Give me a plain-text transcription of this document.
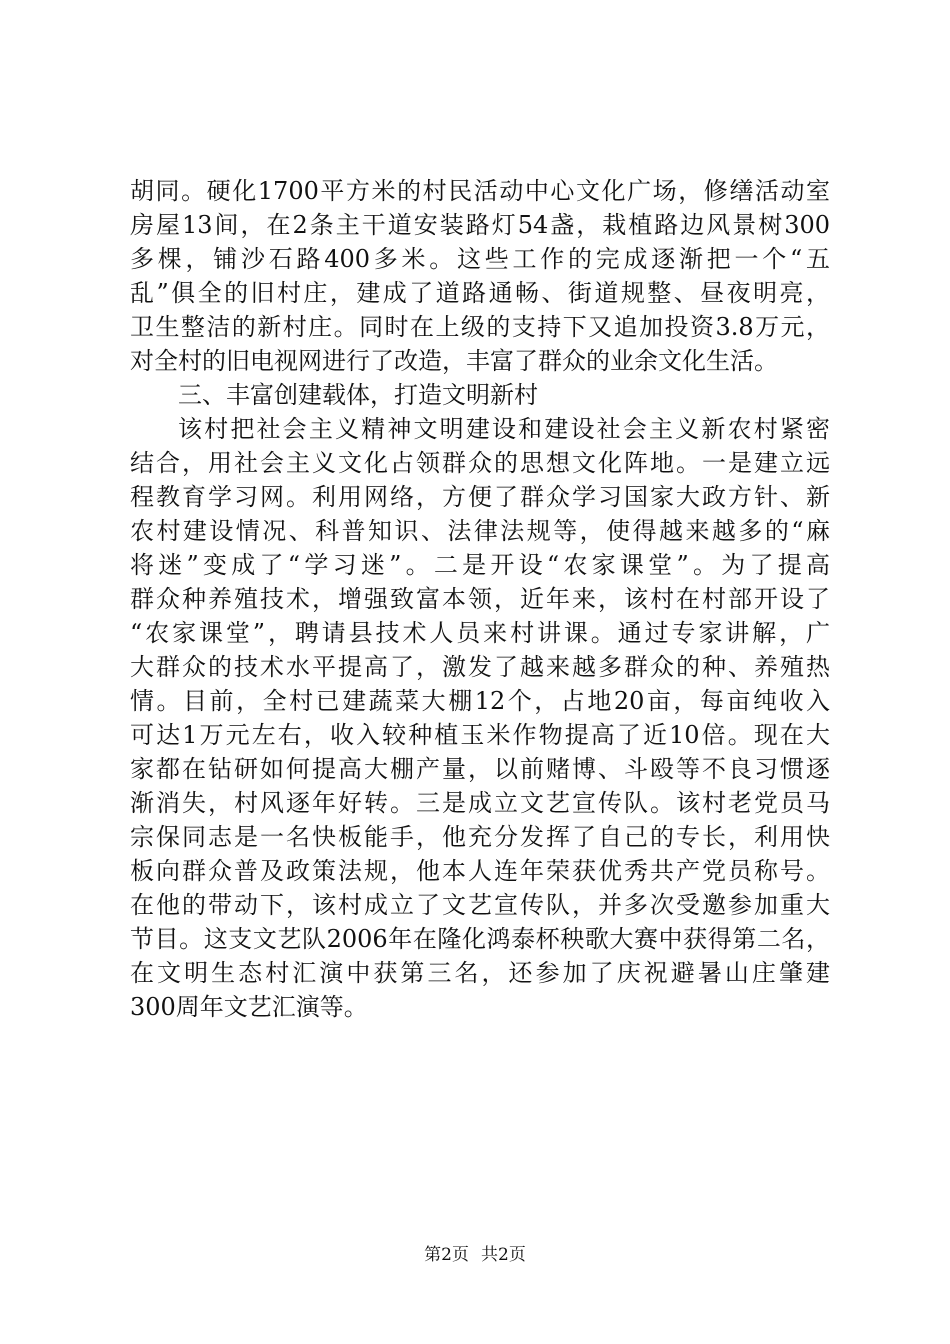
胡同。硬化1700平方米的村民活动中心文化广场，修缮活动室
房屋13间，在2条主干道安装路灯54盏，栽植路边风景树300
多棵，铺沙石路400多米。这些工作的完成逐渐把一个“五
乱”俱全的旧村庄，建成了道路通畅、街道规整、昼夜明亮，
卫生整洁的新村庄。同时在上级的支持下又追加投资3.8万元，
对全村的旧电视网进行了改造，丰富了群众的业余文化生活。
三、丰富创建载体，打造文明新村
该村把社会主义精神文明建设和建设社会主义新农村紧密
结合，用社会主义文化占领群众的思想文化阵地。一是建立远
程教育学习网。利用网络，方便了群众学习国家大政方针、新
农村建设情况、科普知识、法律法规等，使得越来越多的“麻
将迷”变成了“学习迷”。二是开设“农家课堂”。为了提高
群众种养殖技术，增强致富本领，近年来，该村在村部开设了
“农家课堂”，聘请县技术人员来村讲课。通过专家讲解，广
大群众的技术水平提高了，激发了越来越多群众的种、养殖热
情。目前，全村已建蔬菜大棚12个，占地20亩，每亩纯收入
可达1万元左右，收入较种植玉米作物提高了近10倍。现在大
家都在钻研如何提高大棚产量，以前赌博、斗殴等不良习惯逐
渐消失，村风逐年好转。三是成立文艺宣传队。该村老党员马
宗保同志是一名快板能手，他充分发挥了自己的专长，利用快
板向群众普及政策法规，他本人连年荣获优秀共产党员称号。
在他的带动下，该村成立了文艺宣传队，并多次受邀参加重大
节目。这支文艺队2006年在隆化鸿泰杯秧歌大赛中获得第二名，
在文明生态村汇演中获第三名，还参加了庆祝避暑山庄肇建
300周年文艺汇演等。
第2页 共2页
